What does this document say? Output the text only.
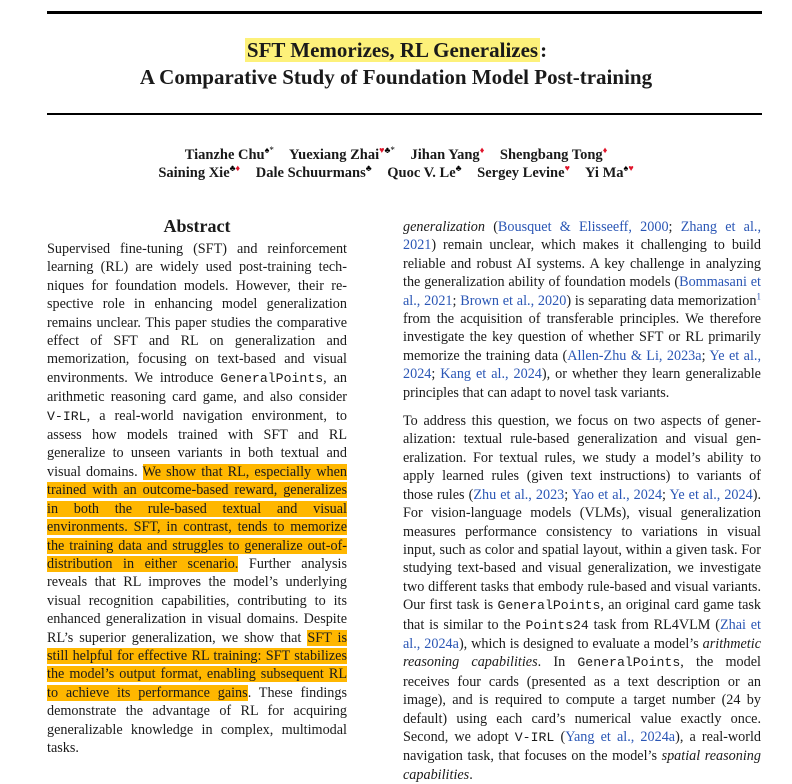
SFT Memorizes, RL Generalizes:
A Comparative Study of Foundation Model Post-training
Tianzhe Chu♠* Yuexiang Zhai♥♣* Jihan Yang♦ Shengbang Tong♦
Saining Xie♣♦ Dale Schuurmans♣ Quoc V. Le♣ Sergey Levine♥ Yi Ma♠♥
Abstract

Supervised fine-tuning (SFT) and reinforcement learning (RL) are widely used post-training techniques for foundation models. However, their respective role in enhancing model generalization remains unclear. This paper studies the comparative effect of SFT and RL on generalization and memorization, focusing on text-based and visual environments. We introduce GeneralPoints, an arithmetic reasoning card game, and also consider V-IRL, a real-world navigation environment, to assess how models trained with SFT and RL generalize to unseen variants in both textual and visual domains. We show that RL, especially when trained with an outcome-based reward, generalizes in both the rule-based textual and visual environments. SFT, in contrast, tends to memorize the training data and struggles to generalize out-of-distribution in either scenario. Further analysis reveals that RL improves the model’s underlying visual recognition capabilities, contributing to its enhanced generalization in visual domains. Despite RL’s superior generalization, we show that SFT is still helpful for effective RL training: SFT stabilizes the model’s output format, enabling subsequent RL to achieve its performance gains. These findings demonstrate the advantage of RL for acquiring generalizable knowledge in complex, multimodal tasks.

generalization (Bousquet & Elisseeff, 2000; Zhang et al., 2021) remain unclear, which makes it challenging to build reliable and robust AI systems. A key challenge in analyzing the generalization ability of foundation models (Bommasani et al., 2021; Brown et al., 2020) is separating data memorization$^1$ from the acquisition of transferable principles. We therefore investigate the key question of whether SFT or RL primarily memorize the training data (Allen-Zhu & Li, 2023a; Ye et al., 2024; Kang et al., 2024), or whether they learn generalizable principles that can adapt to novel task variants.

To address this question, we focus on two aspects of generalization: textual rule-based generalization and visual generalization. For textual rules, we study a model’s ability to apply learned rules (given text instructions) to variants of those rules (Zhu et al., 2023; Yao et al., 2024; Ye et al., 2024). For vision-language models (VLMs), visual generalization measures performance consistency to variations in visual input, such as color and spatial layout, within a given task. For studying text-based and visual generalization, we investigate two different tasks that embody rule-based and visual variants. Our first task is GeneralPoints, an original card game task that is similar to the Points24 task from RL4VLM (Zhai et al., 2024a), which is designed to evaluate a model’s arithmetic reasoning capabilities. In GeneralPoints, the model receives four cards (presented as a text description or an image), and is required to compute a target number (24 by default) using each card’s numerical value exactly once. Second, we adopt V-IRL (Yang et al., 2024a), a real-world navigation task, that focuses on the model’s spatial reasoning capabilities.
